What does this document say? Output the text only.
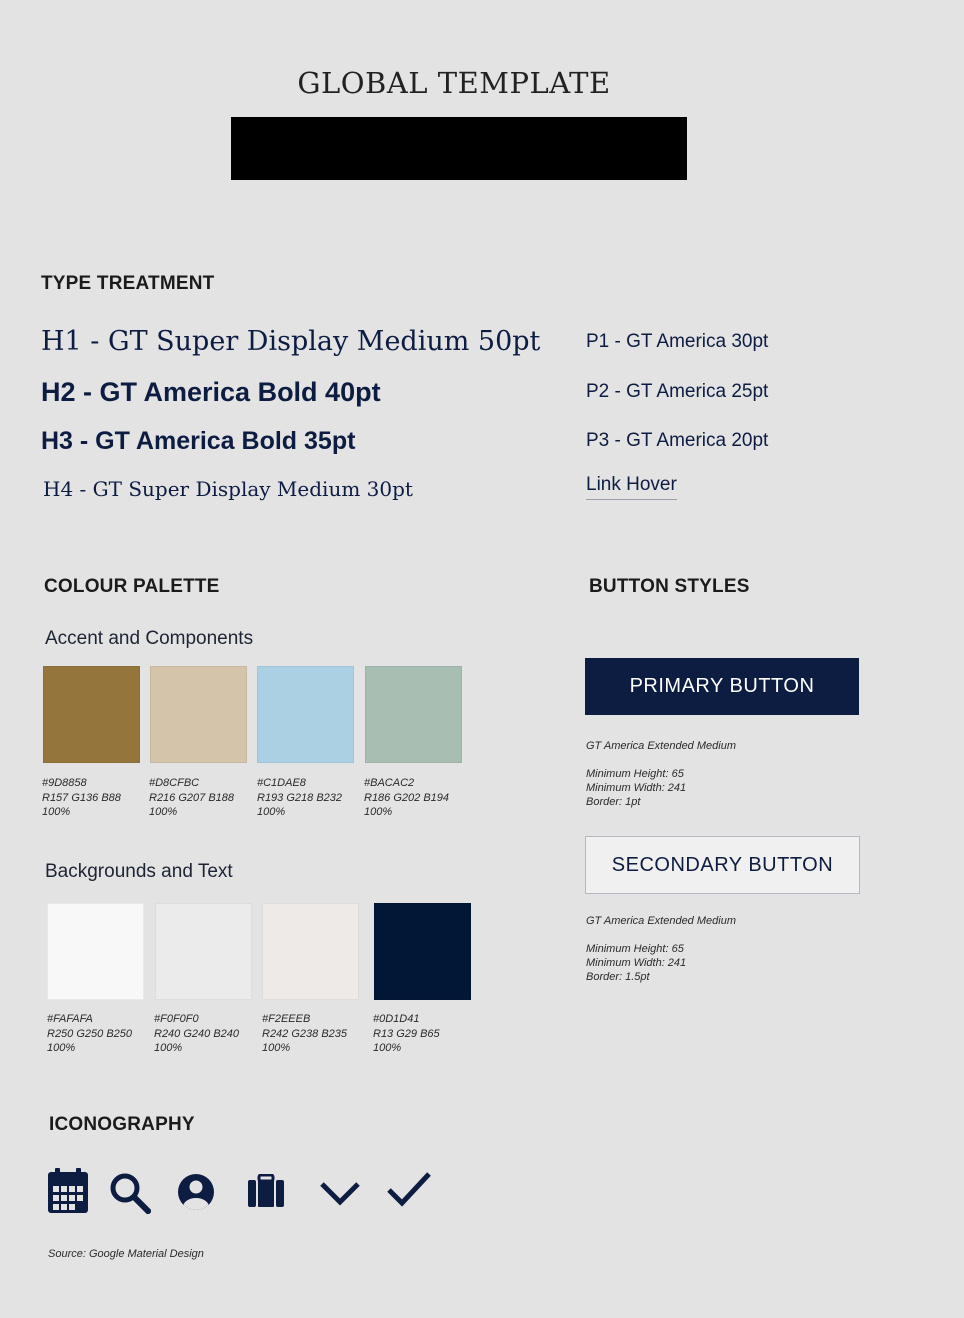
GLOBAL TEMPLATE
TYPE TREATMENT
H1 - GT Super Display Medium 50pt
H2 - GT America Bold 40pt
H3 - GT America Bold 35pt
H4 - GT Super Display Medium 30pt
P1 - GT America 30pt
P2 - GT America 25pt
P3 - GT America 20pt
Link Hover
COLOUR PALETTE
Accent and Components
#9D8858
R157 G136 B88
100%
#D8CFBC
R216 G207 B188
100%
#C1DAE8
R193 G218 B232
100%
#BACAC2
R186 G202 B194
100%
Backgrounds and Text
#FAFAFA
R250 G250 B250
100%
#F0F0F0
R240 G240 B240
100%
#F2EEEB
R242 G238 B235
100%
#0D1D41
R13 G29 B65
100%
BUTTON STYLES
PRIMARY BUTTON
GT America Extended Medium
Minimum Height: 65
Minimum Width: 241
Border: 1pt
SECONDARY BUTTON
GT America Extended Medium
Minimum Height: 65
Minimum Width: 241
Border: 1.5pt
ICONOGRAPHY
Source: Google Material Design
